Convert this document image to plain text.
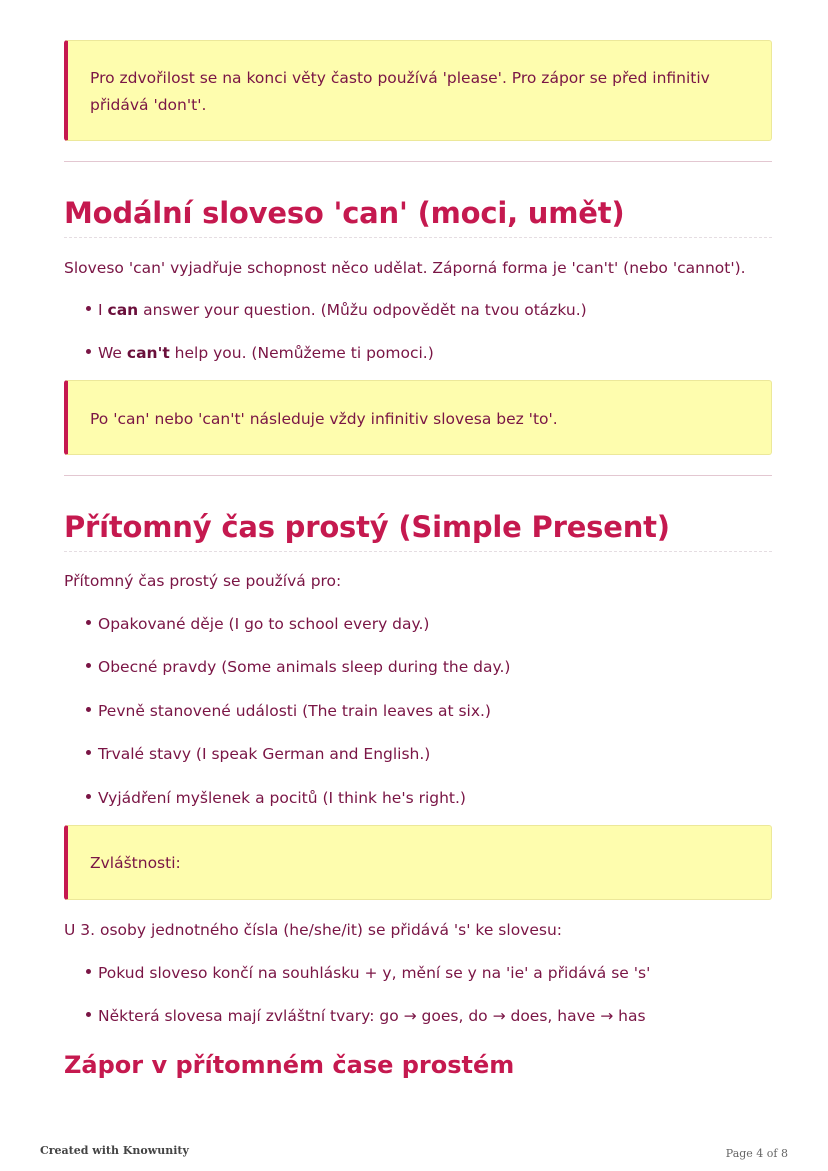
Pro zdvořilost se na konci věty často používá 'please'. Pro zápor se před infinitiv přidává 'don't'.
Modální sloveso 'can' (moci, umět)
Sloveso 'can' vyjadřuje schopnost něco udělat. Záporná forma je 'can't' (nebo 'cannot').
I can answer your question. (Můžu odpovědět na tvou otázku.)
We can't help you. (Nemůžeme ti pomoci.)
Po 'can' nebo 'can't' následuje vždy infinitiv slovesa bez 'to'.
Přítomný čas prostý (Simple Present)
Přítomný čas prostý se používá pro:
Opakované děje (I go to school every day.)
Obecné pravdy (Some animals sleep during the day.)
Pevně stanovené události (The train leaves at six.)
Trvalé stavy (I speak German and English.)
Vyjádření myšlenek a pocitů (I think he's right.)
Zvláštnosti:
U 3. osoby jednotného čísla (he/she/it) se přidává 's' ke slovesu:
Pokud sloveso končí na souhlásku + y, mění se y na 'ie' a přidává se 's'
Některá slovesa mají zvláštní tvary: go → goes, do → does, have → has
Zápor v přítomném čase prostém
Created with Knowunity	Page 4 of 8
